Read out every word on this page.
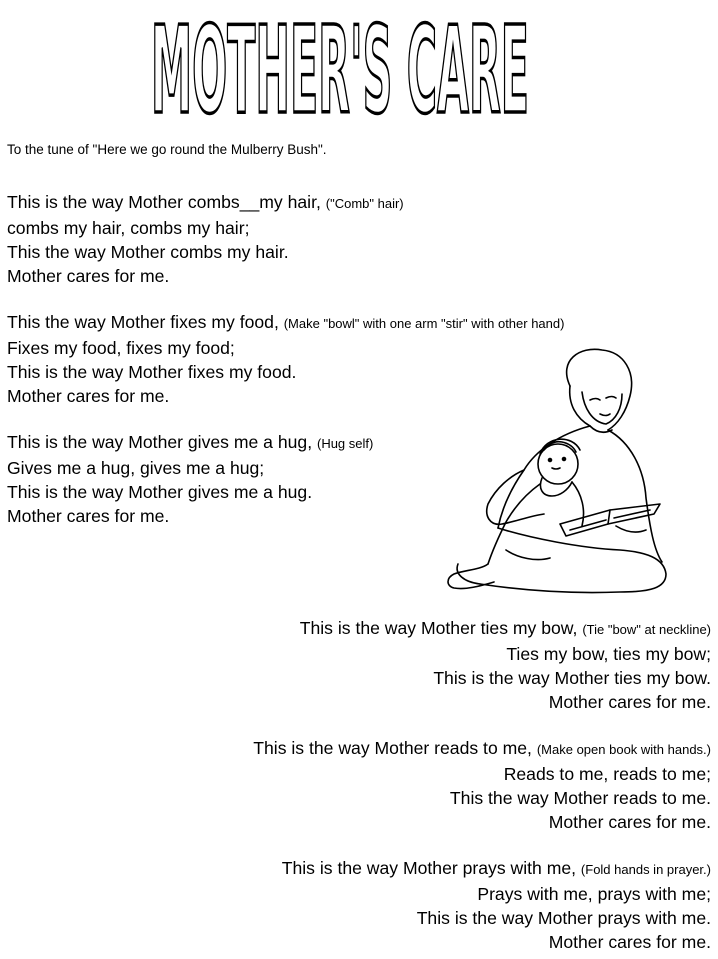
MOTHER'S CARE
To the tune of "Here we go round the Mulberry Bush".
This is the way Mother combs__my hair, ("Comb" hair)
combs my hair, combs my hair;
This the way Mother combs my hair.
Mother cares for me.
This the way Mother fixes my food, (Make "bowl" with one arm "stir" with other hand)
Fixes my food, fixes my food;
This is the way Mother fixes my food.
Mother cares for me.
This is the way Mother gives me a hug, (Hug self)
Gives me a hug, gives me a hug;
This is the way Mother gives me a hug.
Mother cares for me.
This is the way Mother ties my bow, (Tie "bow" at neckline)
Ties my bow, ties my bow;
This is the way Mother ties my bow.
Mother cares for me.
This is the way Mother reads to me, (Make open book with hands.)
Reads to me, reads to me;
This the way Mother reads to me.
Mother cares for me.
This is the way Mother prays with me, (Fold hands in prayer.)
Prays with me, prays with me;
This is the way Mother prays with me.
Mother cares for me.
